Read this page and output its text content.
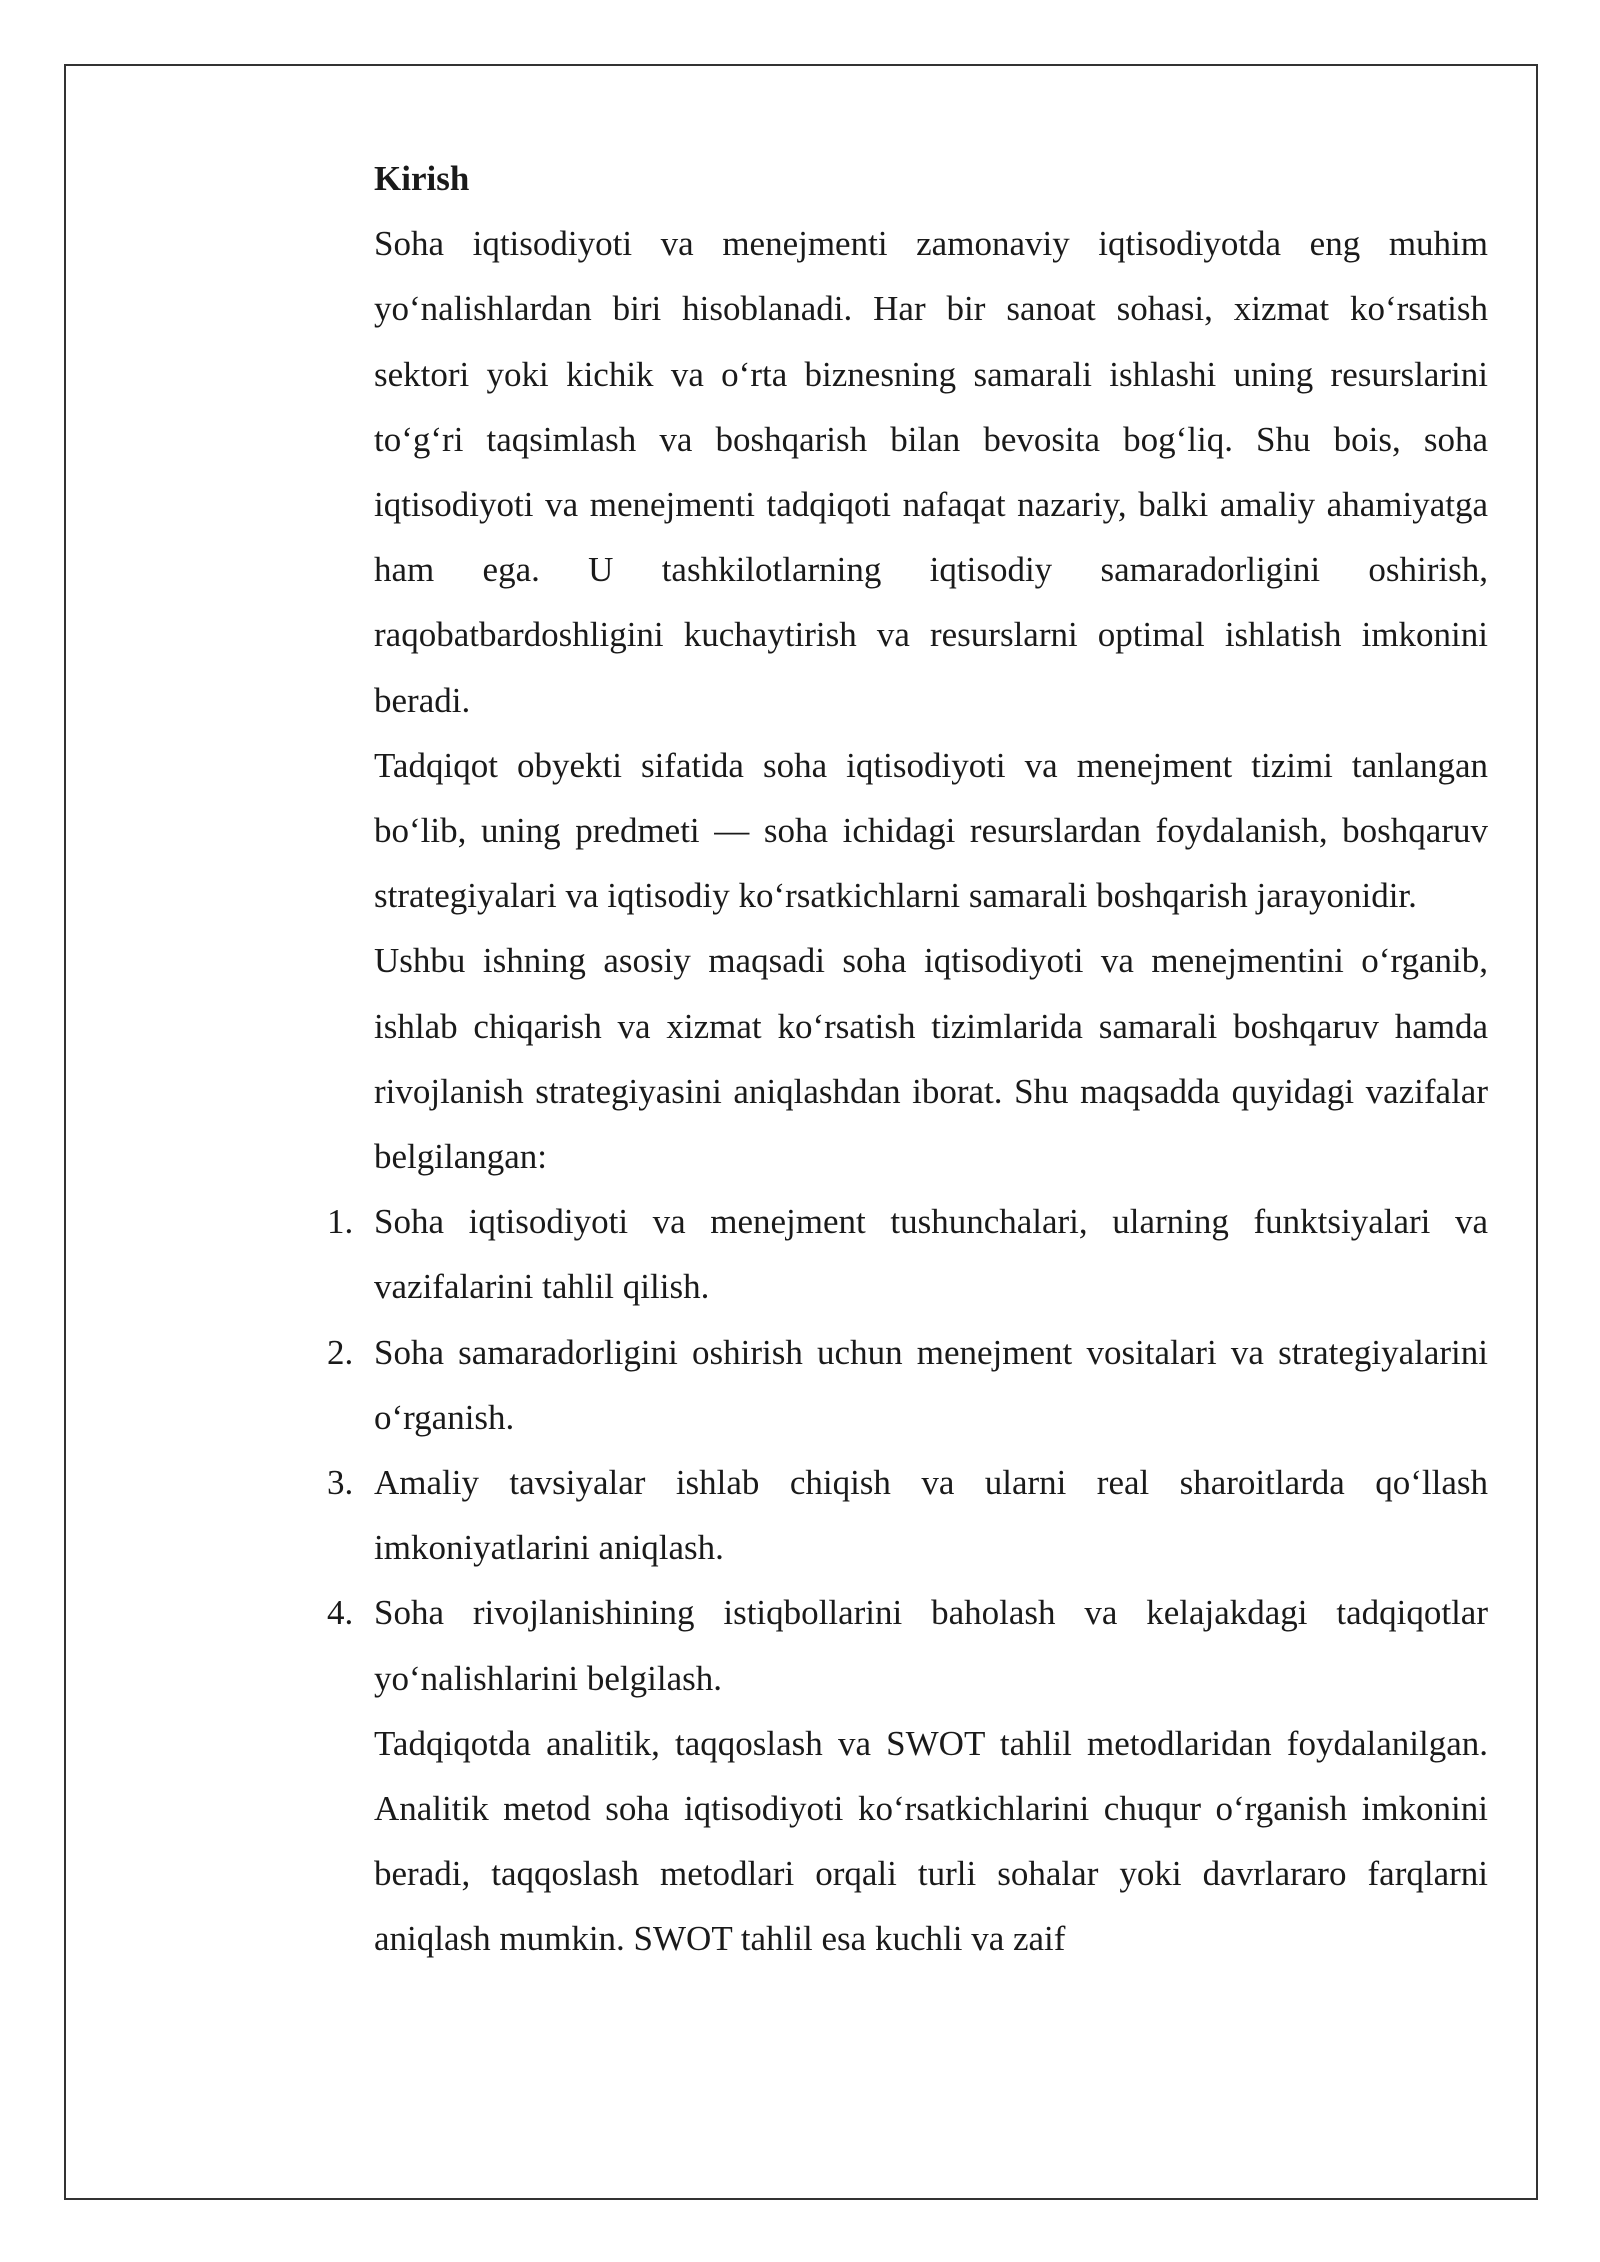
Kirish

Soha iqtisodiyoti va menejmenti zamonaviy iqtisodiyotda eng muhim yo‘nalishlardan biri hisoblanadi. Har bir sanoat sohasi, xizmat ko‘rsatish sektori yoki kichik va o‘rta biznesning samarali ishlashi uning resurslarini to‘g‘ri taqsimlash va boshqarish bilan bevosita bog‘liq. Shu bois, soha iqtisodiyoti va menejmenti tadqiqoti nafaqat nazariy, balki amaliy ahamiyatga ham ega. U tashkilotlarning iqtisodiy samaradorligini oshirish, raqobatbardoshligini kuchaytirish va resurslarni optimal ishlatish imkonini beradi.

Tadqiqot obyekti sifatida soha iqtisodiyoti va menejment tizimi tanlangan bo‘lib, uning predmeti — soha ichidagi resurslardan foydalanish, boshqaruv strategiyalari va iqtisodiy ko‘rsatkichlarni samarali boshqarish jarayonidir.

Ushbu ishning asosiy maqsadi soha iqtisodiyoti va menejmentini o‘rganib, ishlab chiqarish va xizmat ko‘rsatish tizimlarida samarali boshqaruv hamda rivojlanish strategiyasini aniqlashdan iborat. Shu maqsadda quyidagi vazifalar belgilangan:

1. Soha iqtisodiyoti va menejment tushunchalari, ularning funktsiyalari va vazifalarini tahlil qilish.
2. Soha samaradorligini oshirish uchun menejment vositalari va strategiyalarini o‘rganish.
3. Amaliy tavsiyalar ishlab chiqish va ularni real sharoitlarda qo‘llash imkoniyatlarini aniqlash.
4. Soha rivojlanishining istiqbollarini baholash va kelajakdagi tadqiqotlar yo‘nalishlarini belgilash.

Tadqiqotda analitik, taqqoslash va SWOT tahlil metodlaridan foydalanilgan. Analitik metod soha iqtisodiyoti ko‘rsatkichlarini chuqur o‘rganish imkonini beradi, taqqoslash metodlari orqali turli sohalar yoki davrlararo farqlarni aniqlash mumkin. SWOT tahlil esa kuchli va zaif
